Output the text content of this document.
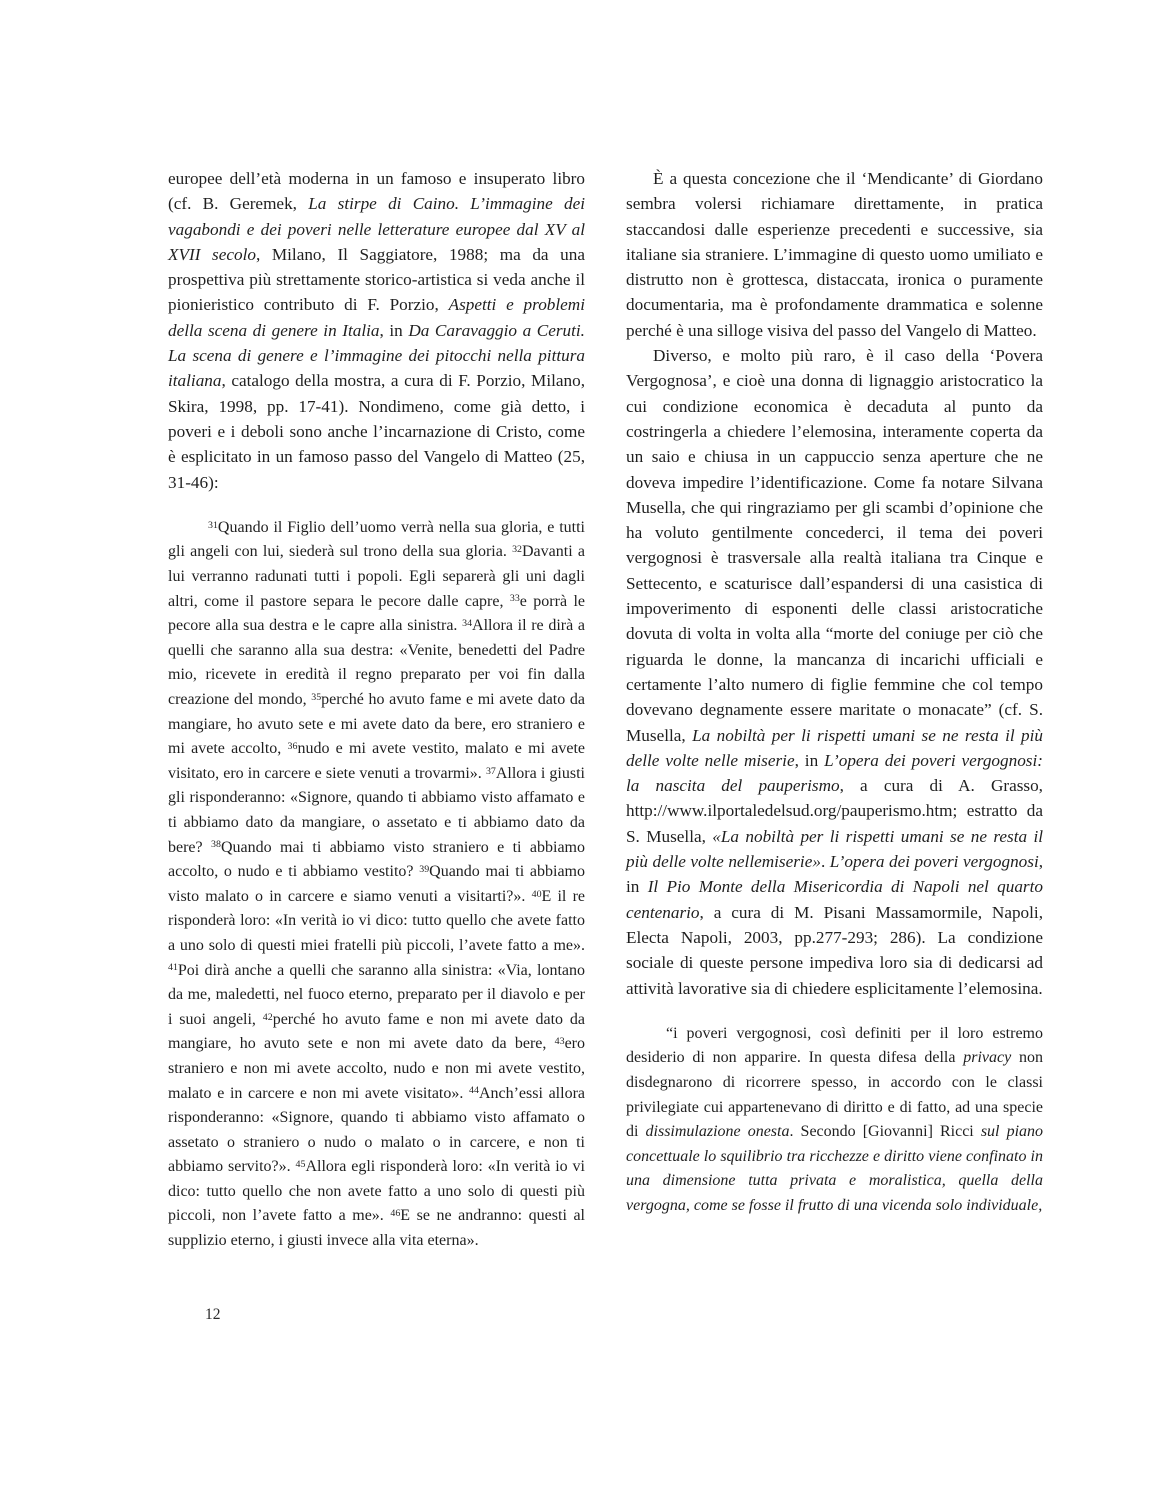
europee dell’età moderna in un famoso e insuperato libro (cf. B. Geremek, La stirpe di Caino. L’immagine dei vagabondi e dei poveri nelle letterature europee dal XV al XVII secolo, Milano, Il Saggiatore, 1988; ma da una prospettiva più strettamente storico-artistica si veda anche il pionieristico contributo di F. Porzio, Aspetti e problemi della scena di genere in Italia, in Da Caravaggio a Ceruti. La scena di genere e l’immagine dei pitocchi nella pittura italiana, catalogo della mostra, a cura di F. Porzio, Milano, Skira, 1998, pp. 17-41). Nondimeno, come già detto, i poveri e i deboli sono anche l’incarnazione di Cristo, come è esplicitato in un famoso passo del Vangelo di Matteo (25, 31-46):

$^{31}$Quando il Figlio dell’uomo verrà nella sua gloria, e tutti gli angeli con lui, siederà sul trono della sua gloria. $^{32}$Davanti a lui verranno radunati tutti i popoli. Egli separerà gli uni dagli altri, come il pastore separa le pecore dalle capre, $^{33}$e porrà le pecore alla sua destra e le capre alla sinistra. $^{34}$Allora il re dirà a quelli che saranno alla sua destra: «Venite, benedetti del Padre mio, ricevete in eredità il regno preparato per voi fin dalla creazione del mondo, $^{35}$perché ho avuto fame e mi avete dato da mangiare, ho avuto sete e mi avete dato da bere, ero straniero e mi avete accolto, $^{36}$nudo e mi avete vestito, malato e mi avete visitato, ero in carcere e siete venuti a trovarmi». $^{37}$Allora i giusti gli risponderanno: «Signore, quando ti abbiamo visto affamato e ti abbiamo dato da mangiare, o assetato e ti abbiamo dato da bere? $^{38}$Quando mai ti abbiamo visto straniero e ti abbiamo accolto, o nudo e ti abbiamo vestito? $^{39}$Quando mai ti abbiamo visto malato o in carcere e siamo venuti a visitarti?». $^{40}$E il re risponderà loro: «In verità io vi dico: tutto quello che avete fatto a uno solo di questi miei fratelli più piccoli, l’avete fatto a me». $^{41}$Poi dirà anche a quelli che saranno alla sinistra: «Via, lontano da me, maledetti, nel fuoco eterno, preparato per il diavolo e per i suoi angeli, $^{42}$perché ho avuto fame e non mi avete dato da mangiare, ho avuto sete e non mi avete dato da bere, $^{43}$ero straniero e non mi avete accolto, nudo e non mi avete vestito, malato e in carcere e non mi avete visitato». $^{44}$Anch’essi allora risponderanno: «Signore, quando ti abbiamo visto affamato o assetato o straniero o nudo o malato o in carcere, e non ti abbiamo servito?». $^{45}$Allora egli risponderà loro: «In verità io vi dico: tutto quello che non avete fatto a uno solo di questi più piccoli, non l’avete fatto a me». $^{46}$E se ne andranno: questi al supplizio eterno, i giusti invece alla vita eterna».

È a questa concezione che il ‘Mendicante’ di Giordano sembra volersi richiamare direttamente, in pratica staccandosi dalle esperienze precedenti e successive, sia italiane sia straniere. L’immagine di questo uomo umiliato e distrutto non è grottesca, distaccata, ironica o puramente documentaria, ma è profondamente drammatica e solenne perché è una silloge visiva del passo del Vangelo di Matteo.

Diverso, e molto più raro, è il caso della ‘Povera Vergognosa’, e cioè una donna di lignaggio aristocratico la cui condizione economica è decaduta al punto da costringerla a chiedere l’elemosina, interamente coperta da un saio e chiusa in un cappuccio senza aperture che ne doveva impedire l’identificazione. Come fa notare Silvana Musella, che qui ringraziamo per gli scambi d’opinione che ha voluto gentilmente concederci, il tema dei poveri vergognosi è trasversale alla realtà italiana tra Cinque e Settecento, e scaturisce dall’espandersi di una casistica di impoverimento di esponenti delle classi aristocratiche dovuta di volta in volta alla “morte del coniuge per ciò che riguarda le donne, la mancanza di incarichi ufficiali e certamente l’alto numero di figlie femmine che col tempo dovevano degnamente essere maritate o monacate” (cf. S. Musella, La nobiltà per li rispetti umani se ne resta il più delle volte nelle miserie, in L’opera dei poveri vergognosi: la nascita del pauperismo, a cura di A. Grasso, http://www.ilportaledelsud.org/pauperismo.htm; estratto da S. Musella, «La nobiltà per li rispetti umani se ne resta il più delle volte nellemiserie». L’opera dei poveri vergognosi, in Il Pio Monte della Misericordia di Napoli nel quarto centenario, a cura di M. Pisani Massamormile, Napoli, Electa Napoli, 2003, pp.277-293; 286). La condizione sociale di queste persone impediva loro sia di dedicarsi ad attività lavorative sia di chiedere esplicitamente l’elemosina.

“i poveri vergognosi, così definiti per il loro estremo desiderio di non apparire. In questa difesa della privacy non disdegnarono di ricorrere spesso, in accordo con le classi privilegiate cui appartenevano di diritto e di fatto, ad una specie di dissimulazione onesta. Secondo [Giovanni] Ricci sul piano concettuale lo squilibrio tra ricchezze e diritto viene confinato in una dimensione tutta privata e moralistica, quella della vergogna, come se fosse il frutto di una vicenda solo individuale,

12
